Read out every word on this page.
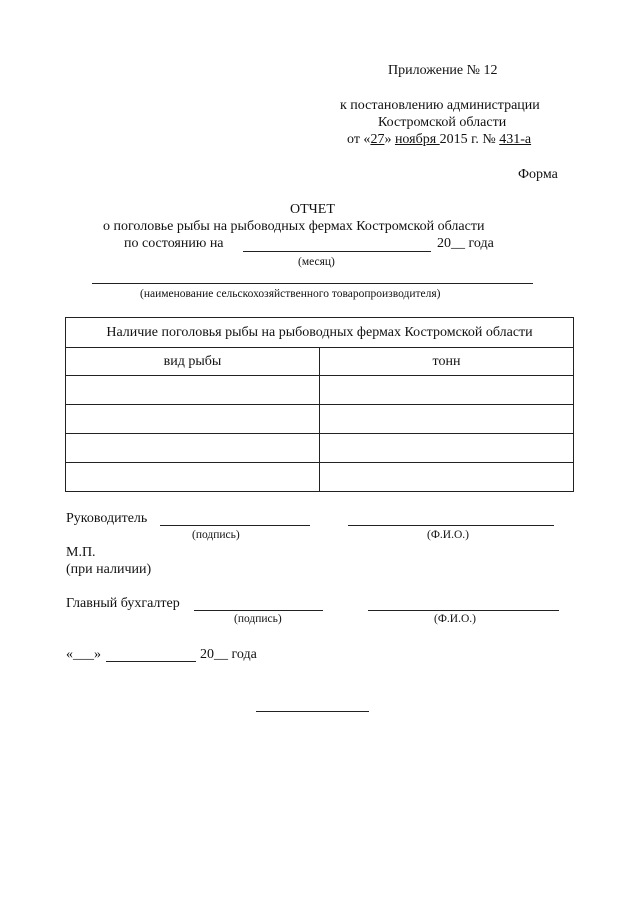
Приложение № 12
к постановлению администрации
Костромской области
от «27» ноября 2015 г. № 431-а
Форма
ОТЧЕТ
о поголовье рыбы на рыбоводных фермах Костромской области
по состоянию на	20__ года
(месяц)
(наименование сельскохозяйственного товаропроизводителя)
Наличие поголовья рыбы на рыбоводных фермах Костромской области	
вид рыбы	тонн

Руководитель
(подпись)	(Ф.И.О.)
М.П.
(при наличии)
Главный бухгалтер
(подпись)	(Ф.И.О.)
«___»	20__ года
